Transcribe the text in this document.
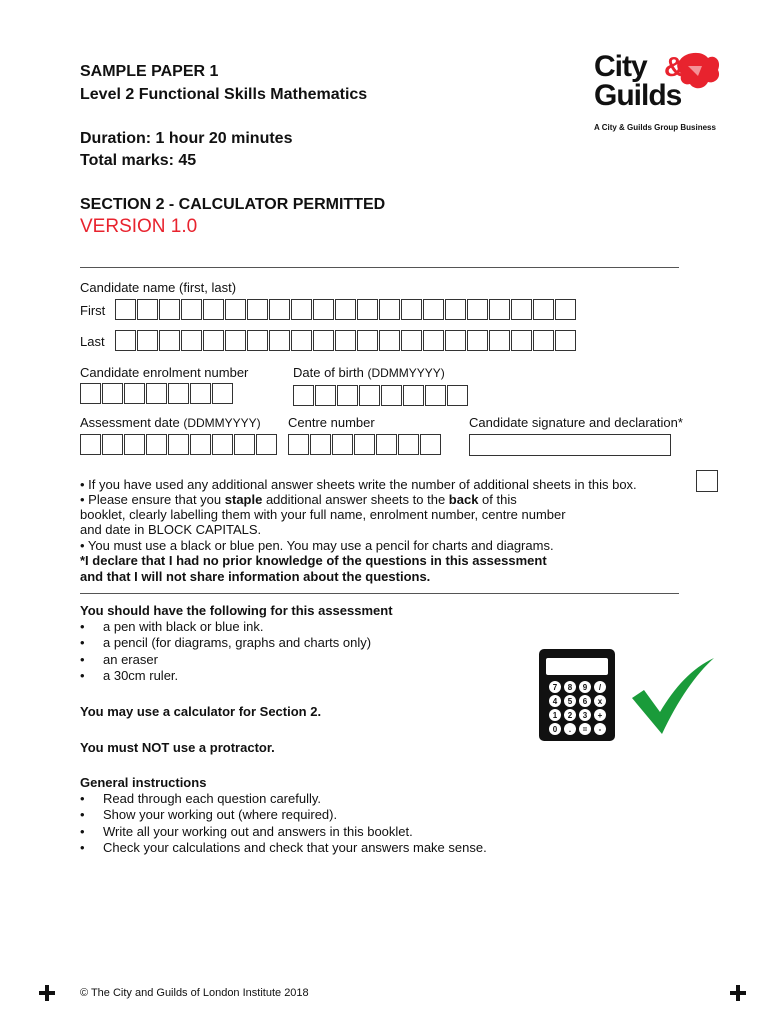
SAMPLE PAPER 1
Level 2 Functional Skills Mathematics
Duration: 1 hour 20 minutes
Total marks: 45
SECTION 2 - CALCULATOR PERMITTED
VERSION 1.0
City &
Guilds
A City & Guilds Group Business
Candidate name (first, last)
First
Last
Candidate enrolment number	Date of birth (DDMMYYYY)
Assessment date (DDMMYYYY) Centre number	Candidate signature and declaration*
• If you have used any additional answer sheets write the number of additional sheets in this box.
• Please ensure that you staple additional answer sheets to the back of this
booklet, clearly labelling them with your full name, enrolment number, centre number
and date in BLOCK CAPITALS.
• You must use a black or blue pen. You may use a pencil for charts and diagrams.
*I declare that I had no prior knowledge of the questions in this assessment
and that I will not share information about the questions.
You should have the following for this assessment
• a pen with black or blue ink.
• a pencil (for diagrams, graphs and charts only)
• an eraser
• a 30cm ruler.
You may use a calculator for Section 2.
You must NOT use a protractor.
7	8	9	/
4	5	6	x
1	2	3	+
0	.	=	-
General instructions
• Read through each question carefully.
• Show your working out (where required).
• Write all your working out and answers in this booklet.
• Check your calculations and check that your answers make sense.
© The City and Guilds of London Institute 2018
